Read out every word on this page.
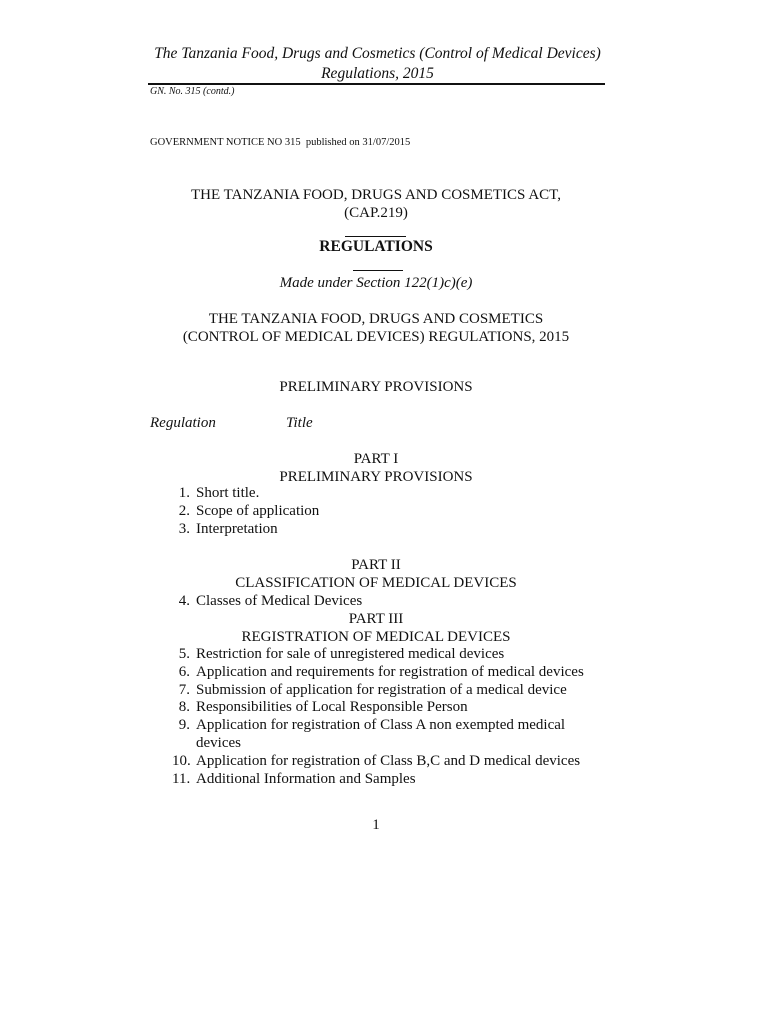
The Tanzania Food, Drugs and Cosmetics (Control of Medical Devices)
Regulations, 2015
GN. No. 315 (contd.)
GOVERNMENT NOTICE NO 315  published on 31/07/2015
THE TANZANIA FOOD, DRUGS AND COSMETICS ACT,
(CAP.219)
REGULATIONS
Made under Section 122(1)c)(e)
THE TANZANIA FOOD, DRUGS AND COSMETICS
(CONTROL OF MEDICAL DEVICES) REGULATIONS, 2015
PRELIMINARY PROVISIONS
Regulation	Title
PART I
PRELIMINARY PROVISIONS
1. Short title.
2. Scope of application
3. Interpretation
PART II
CLASSIFICATION OF MEDICAL DEVICES
4. Classes of Medical Devices
PART III
REGISTRATION OF MEDICAL DEVICES
5. Restriction for sale of unregistered medical devices
6. Application and requirements for registration of medical devices
7. Submission of application for registration of a medical device
8. Responsibilities of Local Responsible Person
9. Application for registration of Class A non exempted medical devices
10. Application for registration of Class B,C and D medical devices
11. Additional Information and Samples
1
